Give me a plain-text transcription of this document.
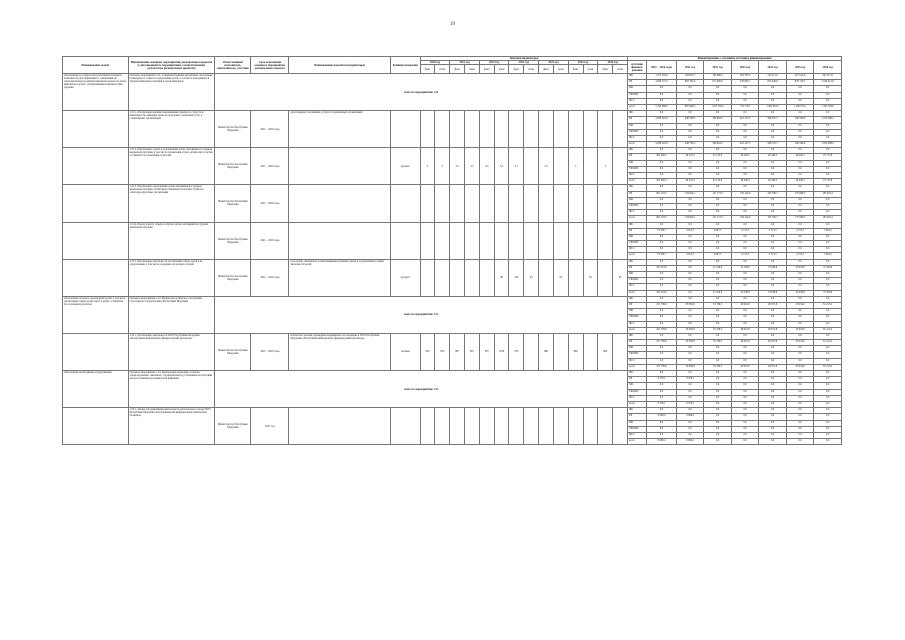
19
Наименование задачи	Наименование основных мероприятий, региональных проектов (с детализацией по мероприятиям, соответствующим результатам региональных проектов)	Ответственный исполнитель, соисполнитель, участник	Срок исполнения основного мероприятия, регионального проекта	Наименование показателя (индикатора)	Единица измерения	Значения индикаторов														Финансирование с указанием источника финансирования							
						2020 год		2021 год		2022 год		2023 год		2024 год		2025 год		2026 год		источник финанси-рования	2021 – 2026 годы	2021 год	2022 год	2023 год	2024 год	2025 год	2026 год
						факт	план	факт	план	факт	план	факт	план	факт	план	факт	план	факт	план								
Обеспечение доступной консультативной помощи и возможности для эффективного совершения ею образовательных и реабилитационных процессов детей-инвалидов и детей с ограниченными возможностями здоровья	Основное мероприятие 1.21. Совершенствование механизмов обеспечения полноценного отдыха и оздоровления детей, в том числе находящихся в трудной жизненной ситуации и детей-инвалидов	всего по мероприятию 1.21																		ФБ	1 275 304,0	194 655,7	195 886,2	203 783,3	212 211,6	227 914,6	241 917,0
																				РБ	4 646 727,2	692 792,6	817 696,0	528 995,1	872 649,9	878 159,5	1 049 412,8
																				МБ	0,0	0,0	0,0	0,0	0,0	0,0	0,0
																				ТФОМС	0,0	0,0	0,0	0,0	0,0	0,0	0,0
																				ФСС	0,0	0,0	0,0	0,0	0,0	0,0	0,0
																				всего	5 792 996,0	887 848,3	1 013 582,2	732 778,3	1 084 861,5	1 106 074,1	1 291 329,8
	1.21.1. Обеспечение жилыми помещениями граждан по старости и инвалидности, имеющих право на получение социальных услуг в стационарных организациях	Министерство Республики Мордовия	2021 – 2026 годы	доля граждан, получивших услуги в стационарных организациях																ФБ	0,0	0,0	0,0	0,0	0,0	0,0	0,0
																				РБ	4 288 316,0	648 799,3	396 664,3	422 147,3	598 781,7	596 566,9	1 050 088,2
																				МБ	0,0	0,0	0,0	0,0	0,0	0,0	0,0
																				ТФОМС	0,0	0,0	0,0	0,0	0,0	0,0	0,0
																				ФСС	0,0	0,0	0,0	0,0	0,0	0,0	0,0
																				всего	4 288 316,0	648 799,3	396 664,3	422 147,3	598 781,7	596 566,9	1 050 088,2
	1.21.2. Обеспечение отдыха и оздоровления детей, находящихся в трудной жизненной ситуации, в том числе организация отдыха детей-сирот и детей, оставшихся без попечения родителей	Министерство Республики Мордовия	2021 – 2026 годы		процент	3	3	3,5	3,5	3,5	3,5	3,7		3,5		3		3		ФБ	0,0	0,0	0,0	0,0	0,0	0,0	0,0
																				РБ	291 646,1	46 523,2	81 123,8	46 446,5	46 446,5	46 446,5	23 715,8
																				МБ	0,0	0,0	0,0	0,0	0,0	0,0	0,0
																				ТФОМС	0,0	0,0	0,0	0,0	0,0	0,0	0,0
																				ФСС	0,0	0,0	0,0	0,0	0,0	0,0	0,0
																				всего	291 646,1	46 523,2	81 123,8	46 446,5	46 446,5	46 446,5	23 715,8
	1.21.3. Обеспечение оздоровления детей, находящихся в трудной жизненной ситуации, путём предоставления бесплатных путёвок в санаторно-курортные организации	Министерство Республики Мордовия	2021 – 2026 годы																	ФБ	0,0	0,0	0,0	0,0	0,0	0,0	0,0
																				РБ	961 193,7	134 604,1	147 173,3	156 144,6	165 799,7	175 968,3	185 202,2
																				МБ	0,0	0,0	0,0	0,0	0,0	0,0	0,0
																				ТФОМС	0,0	0,0	0,0	0,0	0,0	0,0	0,0
																				ФСС	0,0	0,0	0,0	0,0	0,0	0,0	0,0
																				всего	961 193,7	134 604,1	147 173,3	156 144,6	165 799,7	175 968,3	185 202,2
	1.21.4. Проезд к месту отдыха и обратно детей, находящихся в трудной жизненной ситуации	Министерство Республики Мордовия	2021 – 2026 годы																	ФБ	0,0	0,0	0,0	0,0	0,0	0,0	0,0
																				РБ	33 478,7	4 915,3	4 697,5	4 713,3	4 713,3	4 713,3	7 904,9
																				МБ	0,0	0,0	0,0	0,0	0,0	0,0	0,0
																				ТФОМС	0,0	0,0	0,0	0,0	0,0	0,0	0,0
																				ФСС	0,0	0,0	0,0	0,0	0,0	0,0	0,0
																				всего	33 478,7	4 915,3	4 697,5	4 713,3	4 713,3	4 713,3	7 904,9
	1.21.5. Обеспечение деятельности организаций отдыха детей и их оздоровления, в том числе поддержка загородных лагерей	Министерство Республики Мордовия	2022 – 2026 годы	доля детей, охваченных организованными формами отдыха и оздоровления в общей численности детей	процент						90	100	95		95		95		95	ФБ	0,0	0,0	0,0	0,0	0,0	0,0	0,0
																				РБ	247 416,9	0,0	41 419,9	23 539,8	73 938,8	23 938,8	72 789,9
																				МБ	0,0	0,0	0,0	0,0	0,0	0,0	0,0
																				ТФОМС	0,0	0,0	0,0	0,0	0,0	0,0	0,0
																				ФСС	0,0	0,0	0,0	0,0	0,0	0,0	0,0
																				всего	247 416,9	0,0	41 419,9	23 539,8	73 938,8	23 938,8	72 789,9
Обеспечение отдыха и оздоровления детей, в том числе организация отдыха детей-сирот и детей, оставшихся без попечения родителей	Основное мероприятие 1.22. Медико-биологическое обеспечение спортсменов сборных команд Республики Мордовия	всего по мероприятию 1.22																		ФБ	0,0	0,0	0,0	0,0	0,0	0,0	0,0
																				РБ	251 709,8	35 958,8	35 769,3	46 910,8	26 675,8	23 934,0	81 213,2
																				МБ	0,0	0,0	0,0	0,0	0,0	0,0	0,0
																				ТФОМС	0,0	0,0	0,0	0,0	0,0	0,0	0,0
																				ФСС	0,0	0,0	0,0	0,0	0,0	0,0	0,0
																				всего	251 709,8	35 958,8	35 769,3	46 910,8	26 675,8	23 934,0	81 213,2
	1.22.1. Обеспечение деятельности ГАУЗ Республики Мордовия «Республиканский врачебно-физкультурный диспансер»	Министерство Республики Мордовия	2021 – 2026 годы	количество человек, прошедших медицинское обследование в ГАУЗ Республики Мордовия «Республиканский врачебно-физкультурный диспансер»	человек	850	850	887	887	870	1030	870		880		880		880		ФБ	0,0	0,0	0,0	0,0	0,0	0,0	0,0
																				РБ	251 709,8	35 958,8	35 769,3	46 910,8	26 675,8	23 934,0	81 213,2
																				МБ	0,0	0,0	0,0	0,0	0,0	0,0	0,0
																				ТФОМС	0,0	0,0	0,0	0,0	0,0	0,0	0,0
																				ФСС	0,0	0,0	0,0	0,0	0,0	0,0	0,0
																				всего	251 709,8	35 958,8	35 769,3	46 910,8	26 675,8	23 934,0	81 213,2
Обеспечение необходимым оборудованием	Основное мероприятие 1.23. Капитальные вложения в объекты здравоохранения, связанные с профилактикой и устранением последствий распространения коронавирусной инфекции	всего по мероприятию 1.23																		ФБ	0,0	0,0	0,0	0,0	0,0	0,0	0,0
																				РБ	8 378,1	8 378,1	0,0	0,0	0,0	0,0	0,0
																				МБ	0,0	0,0	0,0	0,0	0,0	0,0	0,0
																				ТФОМС	0,0	0,0	0,0	0,0	0,0	0,0	0,0
																				ФСС	0,0	0,0	0,0	0,0	0,0	0,0	0,0
																				всего	8 378,1	8 378,1	0,0	0,0	0,0	0,0	0,0
	1.23.1. Здание для размещения центрального регионального склада ГБУЗ Республики Мордовия «Республиканская инфекционная клиническая больница»	Министерство Республики Мордовия	2021 год																	ФБ	0,0	0,0	0,0	0,0	0,0	0,0	0,0
																				РБ	8 999,4	8 999,4	0,0	0,0	0,0	0,0	0,0
																				МБ	0,0	0,0	0,0	0,0	0,0	0,0	0,0
																				ТФОМС	0,0	0,0	0,0	0,0	0,0	0,0	0,0
																				ФСС	0,0	0,0	0,0	0,0	0,0	0,0	0,0
																				всего	8 999,4	8 999,4	0,0	0,0	0,0	0,0	0,0
